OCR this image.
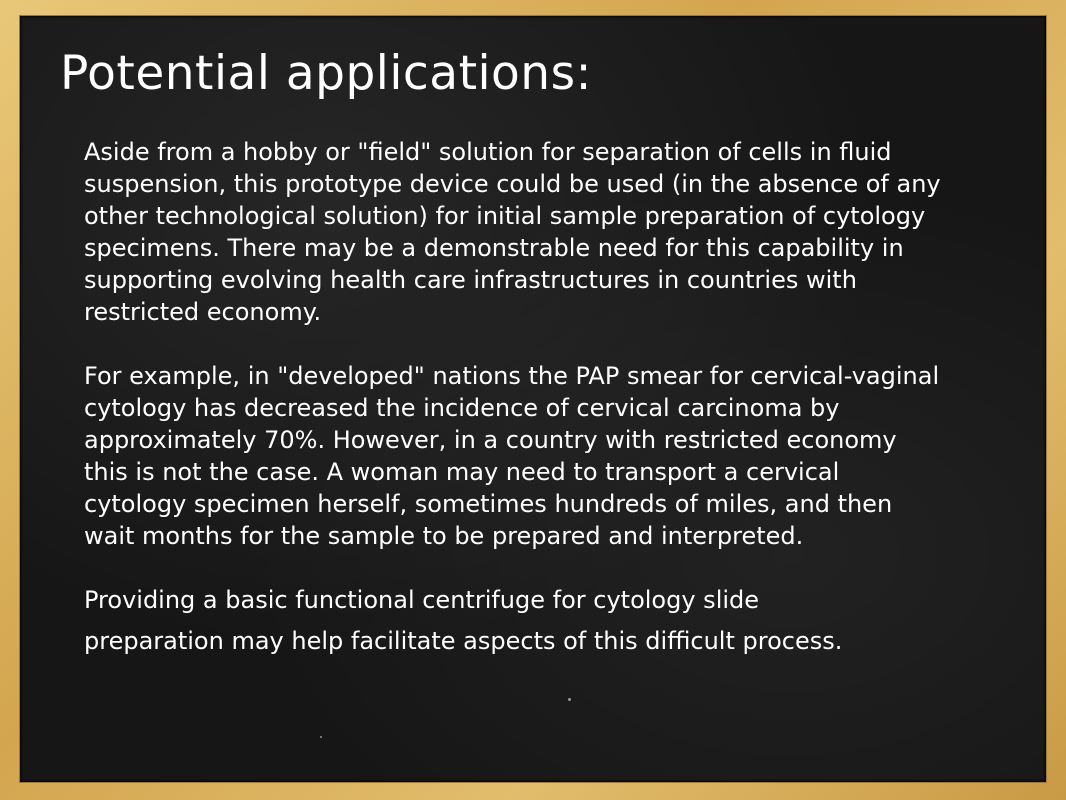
Potential applications:

Aside from a hobby or "field" solution for separation of cells in fluid
suspension, this prototype device could be used (in the absence of any
other technological solution) for initial sample preparation of cytology
specimens. There may be a demonstrable need for this capability in
supporting evolving health care infrastructures in countries with
restricted economy.

For example, in "developed" nations the PAP smear for cervical-vaginal
cytology has decreased the incidence of cervical carcinoma by
approximately 70%. However, in a country with restricted economy
this is not the case. A woman may need to transport a cervical
cytology specimen herself, sometimes hundreds of miles, and then
wait months for the sample to be prepared and interpreted.

Providing a basic functional centrifuge for cytology slide
preparation may help facilitate aspects of this difficult process.
